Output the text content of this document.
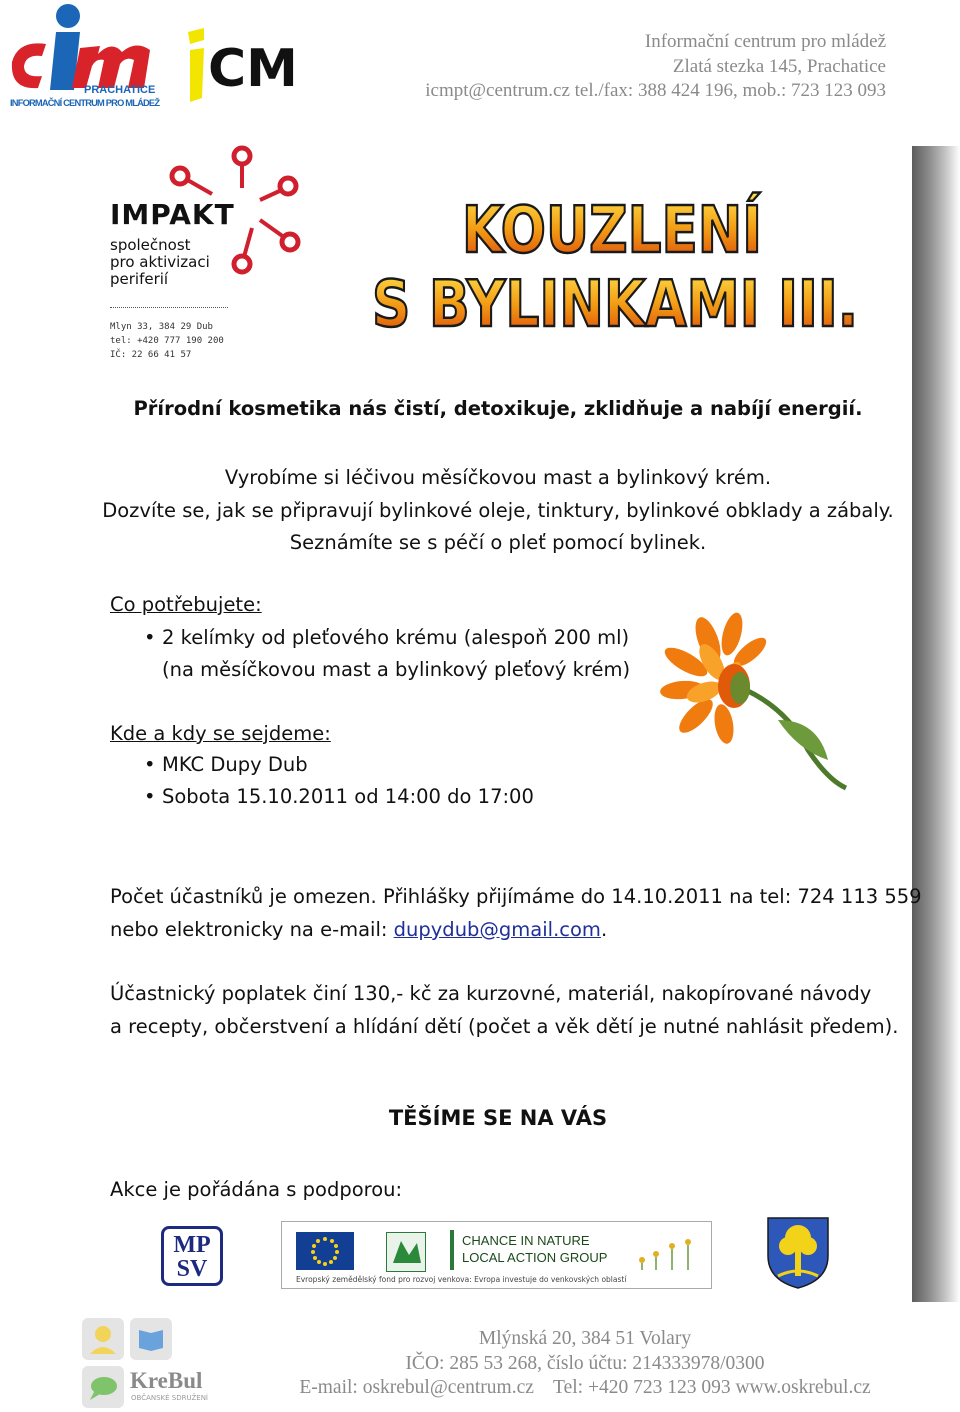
PRACHATICE
INFORMAČNÍ CENTRUM PRO MLÁDEŽ
CM	Informační centrum pro mládež
Zlatá stezka 145, Prachatice
icmpt@centrum.cz tel./fax: 388 424 196, mob.: 723 123 093
IMPAKT
společnost
pro aktivizaci
periferií
Mlyn 33, 384 29 Dub
tel: +420 777 190 200
IČ: 22 66 41 57
KOUZLENÍ
S BYLINKAMI III.
Přírodní kosmetika nás čistí, detoxikuje, zklidňuje a nabíjí energií.
Vyrobíme si léčivou měsíčkovou mast a bylinkový krém.
Dozvíte se, jak se připravují bylinkové oleje, tinktury, bylinkové obklady a zábaly.
Seznámíte se s péčí o pleť pomocí bylinek.
Co potřebujete:
• 2 kelímky od pleťového krému (alespoň 200 ml)
(na měsíčkovou mast a bylinkový pleťový krém)
Kde a kdy se sejdeme:
• MKC Dupy Dub
• Sobota 15.10.2011 od 14:00 do 17:00
Počet účastníků je omezen. Přihlášky přijímáme do 14.10.2011 na tel: 724 113 559
nebo elektronicky na e-mail: dupydub@gmail.com.
Účastnický poplatek činí 130,- kč za kurzovné, materiál, nakopírované návody
a recepty, občerstvení a hlídání dětí (počet a věk dětí je nutné nahlásit předem).
TĚŠÍME SE NA VÁS
Akce je pořádána s podporou:
MP
SV
CHANCE IN NATURE
LOCAL ACTION GROUP
Evropský zemědělský fond pro rozvoj venkova: Evropa investuje do venkovských oblastí
KreBul
OBČANSKÉ SDRUŽENÍ
Mlýnská 20, 384 51 Volary
IČO: 285 53 268, číslo účtu: 214333978/0300
E-mail: oskrebul@centrum.cz    Tel: +420 723 123 093 www.oskrebul.cz
